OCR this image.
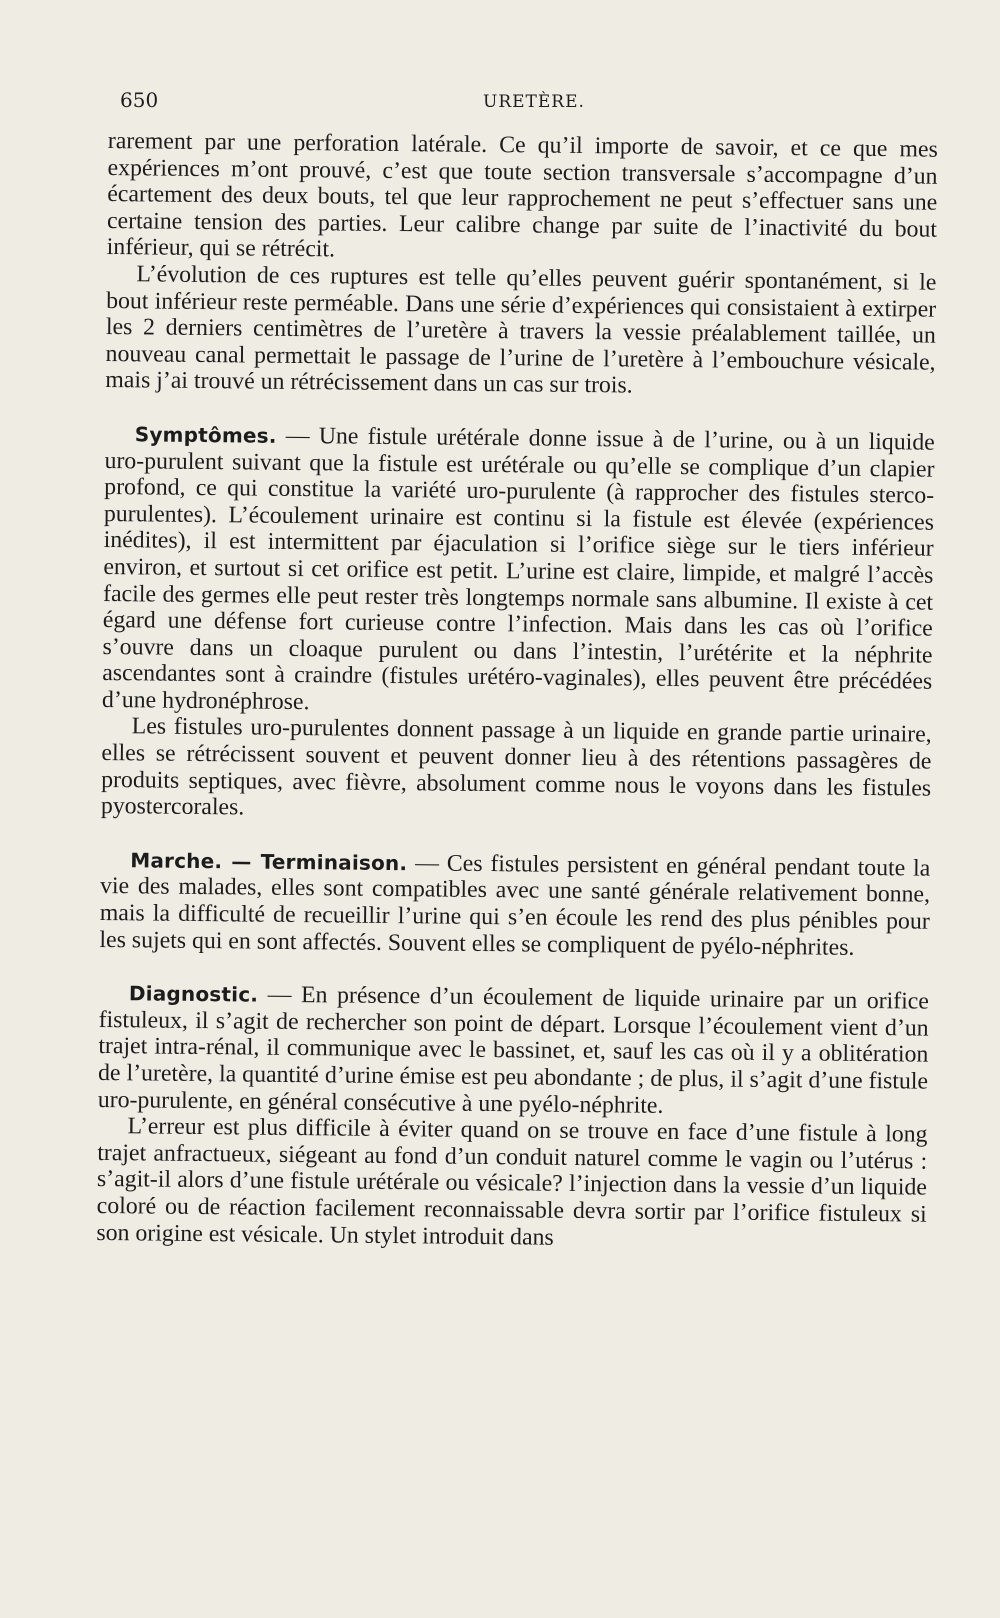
650	URETÈRE.

rarement par une perforation latérale. Ce qu’il importe de savoir, et ce que mes expériences m’ont prouvé, c’est que toute section transversale s’accompagne d’un écartement des deux bouts, tel que leur rapprochement ne peut s’effectuer sans une certaine tension des parties. Leur calibre change par suite de l’inactivité du bout inférieur, qui se rétrécit.

L’évolution de ces ruptures est telle qu’elles peuvent guérir spontanément, si le bout inférieur reste perméable. Dans une série d’expériences qui consistaient à extirper les 2 derniers centimètres de l’uretère à travers la vessie préalablement taillée, un nouveau canal permettait le passage de l’urine de l’uretère à l’embouchure vésicale, mais j’ai trouvé un rétrécissement dans un cas sur trois.

Symptômes. — Une fistule urétérale donne issue à de l’urine, ou à un liquide uro-purulent suivant que la fistule est urétérale ou qu’elle se complique d’un clapier profond, ce qui constitue la variété uro-purulente (à rapprocher des fistules sterco-purulentes). L’écoulement urinaire est continu si la fistule est élevée (expériences inédites), il est intermittent par éjaculation si l’orifice siège sur le tiers inférieur environ, et surtout si cet orifice est petit. L’urine est claire, limpide, et malgré l’accès facile des germes elle peut rester très longtemps normale sans albumine. Il existe à cet égard une défense fort curieuse contre l’infection. Mais dans les cas où l’orifice s’ouvre dans un cloaque purulent ou dans l’intestin, l’urétérite et la néphrite ascendantes sont à craindre (fistules urétéro-vaginales), elles peuvent être précédées d’une hydronéphrose.

Les fistules uro-purulentes donnent passage à un liquide en grande partie urinaire, elles se rétrécissent souvent et peuvent donner lieu à des rétentions passagères de produits septiques, avec fièvre, absolument comme nous le voyons dans les fistules pyostercorales.

Marche. — Terminaison. — Ces fistules persistent en général pendant toute la vie des malades, elles sont compatibles avec une santé générale relativement bonne, mais la difficulté de recueillir l’urine qui s’en écoule les rend des plus pénibles pour les sujets qui en sont affectés. Souvent elles se compliquent de pyélo-néphrites.

Diagnostic. — En présence d’un écoulement de liquide urinaire par un orifice fistuleux, il s’agit de rechercher son point de départ. Lorsque l’écoulement vient d’un trajet intra-rénal, il communique avec le bassinet, et, sauf les cas où il y a oblitération de l’uretère, la quantité d’urine émise est peu abondante ; de plus, il s’agit d’une fistule uro-purulente, en général consécutive à une pyélo-néphrite.

L’erreur est plus difficile à éviter quand on se trouve en face d’une fistule à long trajet anfractueux, siégeant au fond d’un conduit naturel comme le vagin ou l’utérus : s’agit-il alors d’une fistule urétérale ou vésicale? l’injection dans la vessie d’un liquide coloré ou de réaction facilement reconnaissable devra sortir par l’orifice fistuleux si son origine est vésicale. Un stylet introduit dans
